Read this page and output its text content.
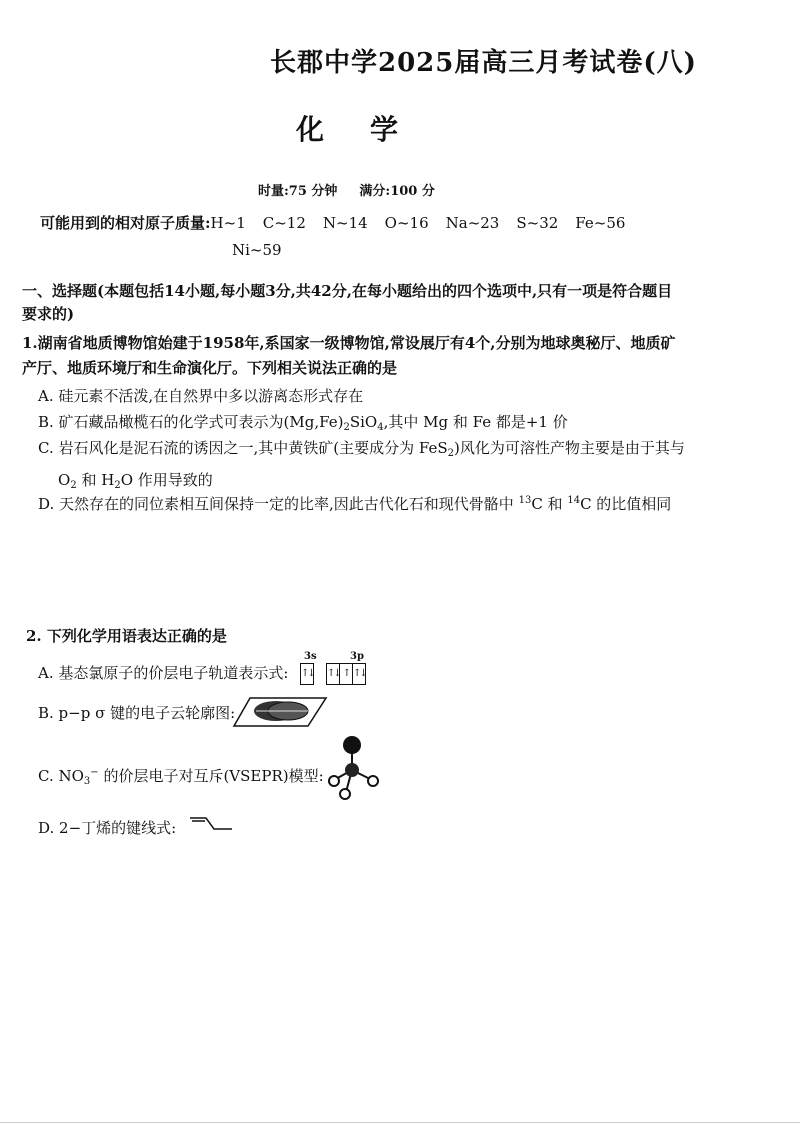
长郡中学2025届高三月考试卷(八)
化 学
时量:75 分钟 满分:100 分
可能用到的相对原子质量:H~1 C~12 N~14 O~16 Na~23 S~32 Fe~56
Ni~59
一、选择题(本题包括14小题,每小题3分,共42分,在每小题给出的四个选项中,只有一项是符合题目要求的)
1.湖南省地质博物馆始建于1958年,系国家一级博物馆,常设展厅有4个,分别为地球奥秘厅、地质矿产厅、地质环境厅和生命演化厅。下列相关说法正确的是
A. 硅元素不活泼,在自然界中多以游离态形式存在
B. 矿石藏品橄榄石的化学式可表示为$(Mg,Fe)_2SiO_4$,其中 Mg 和 Fe 都是+1 价
C. 岩石风化是泥石流的诱因之一,其中黄铁矿(主要成分为 FeS$_2$)风化为可溶性产物主要是由于其与 $O_2$ 和 $H_2O$ 作用导致的
D. 天然存在的同位素相互间保持一定的比率,因此古代化石和现代骨骼中 $^{13}$C 和 $^{14}$C 的比值相同
2. 下列化学用语表达正确的是
A. 基态氯原子的价层电子轨道表示式:
3s	3p
↑↓ ↑↓ ↑ ↑↓
B. p−p σ 键的电子云轮廓图:
C. $NO_3^-$ 的价层电子对互斥(VSEPR)模型:
D. 2−丁烯的键线式:
